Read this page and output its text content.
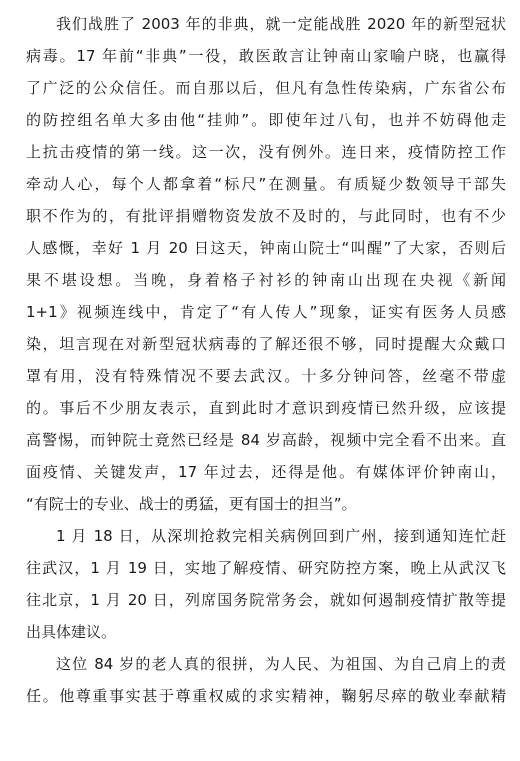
我们战胜了 2003 年的非典，就一定能战胜 2020 年的新型冠状
病毒。17 年前“非典”一役，敢医敢言让钟南山家喻户晓，也赢得
了广泛的公众信任。而自那以后，但凡有急性传染病，广东省公布
的防控组名单大多由他“挂帅”。即使年过八旬，也并不妨碍他走
上抗击疫情的第一线。这一次，没有例外。连日来，疫情防控工作
牵动人心，每个人都拿着“标尺”在测量。有质疑少数领导干部失
职不作为的，有批评捐赠物资发放不及时的，与此同时，也有不少
人感慨，幸好 1 月 20 日这天，钟南山院士“叫醒”了大家，否则后
果不堪设想。当晚，身着格子衬衫的钟南山出现在央视《新闻
1+1》视频连线中，肯定了“有人传人”现象，证实有医务人员感
染，坦言现在对新型冠状病毒的了解还很不够，同时提醒大众戴口
罩有用，没有特殊情况不要去武汉。十多分钟问答，丝毫不带虚
的。事后不少朋友表示，直到此时才意识到疫情已然升级，应该提
高警惕，而钟院士竟然已经是 84 岁高龄，视频中完全看不出来。直
面疫情、关键发声，17 年过去，还得是他。有媒体评价钟南山，
“有院士的专业、战士的勇猛，更有国士的担当”。
1 月 18 日，从深圳抢救完相关病例回到广州，接到通知连忙赶
往武汉，1 月 19 日，实地了解疫情、研究防控方案，晚上从武汉飞
往北京，1 月 20 日，列席国务院常务会，就如何遏制疫情扩散等提
出具体建议。
这位 84 岁的老人真的很拼，为人民、为祖国、为自己肩上的责
任。他尊重事实甚于尊重权威的求实精神，鞠躬尽瘁的敬业奉献精
